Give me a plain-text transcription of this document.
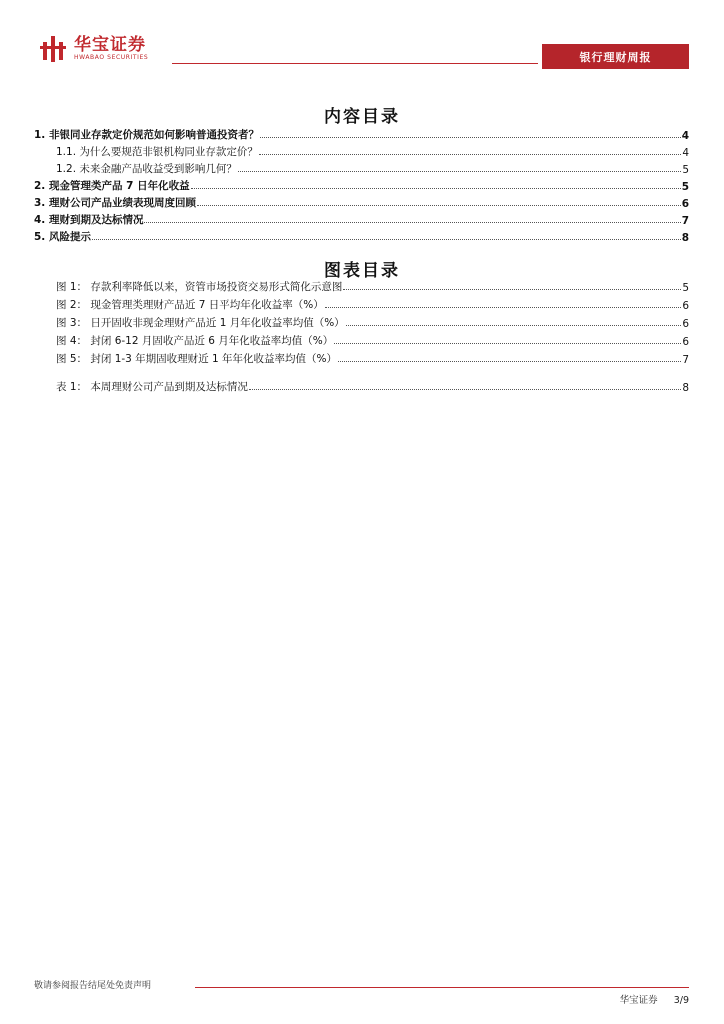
华宝证券
HWABAO SECURITIES	银行理财周报
内容目录
1. 非银同业存款定价规范如何影响普通投资者？	4
1.1. 为什么要规范非银机构同业存款定价？	4
1.2. 未来金融产品收益受到影响几何？	5
2. 现金管理类产品 7 日年化收益	5
3. 理财公司产品业绩表现周度回顾	6
4. 理财到期及达标情况	7
5. 风险提示	8
图表目录
图 1： 存款利率降低以来，资管市场投资交易形式简化示意图	5
图 2： 现金管理类理财产品近 7 日平均年化收益率（%）	6
图 3： 日开固收非现金理财产品近 1 月年化收益率均值（%）	6
图 4： 封闭 6-12 月固收产品近 6 月年化收益率均值（%）	6
图 5： 封闭 1-3 年期固收理财近 1 年年化收益率均值（%）	7
表 1： 本周理财公司产品到期及达标情况	8
敬请参阅报告结尾处免责声明
华宝证券 3/9
